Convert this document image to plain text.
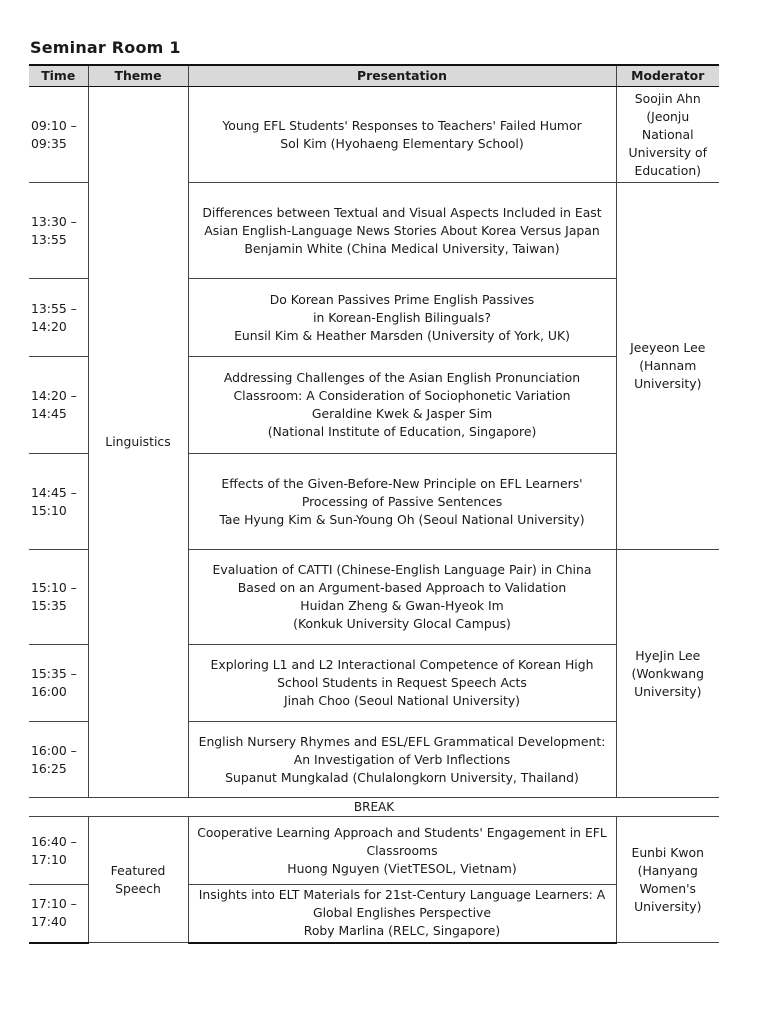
Seminar Room 1
Time	Theme	Presentation	Moderator

09:10 –
09:35	Linguistics	Young EFL Students' Responses to Teachers' Failed Humor
Sol Kim (Hyohaeng Elementary School)	Soojin Ahn
(Jeonju
National
University of
Education)

13:30 –
13:55		Differences between Textual and Visual Aspects Included in East
Asian English-Language News Stories About Korea Versus Japan
Benjamin White (China Medical University, Taiwan)	Jeeyeon Lee
(Hannam
University)

13:55 –
14:20		Do Korean Passives Prime English Passives
in Korean-English Bilinguals?
Eunsil Kim & Heather Marsden (University of York, UK)	

14:20 –
14:45		Addressing Challenges of the Asian English Pronunciation
Classroom: A Consideration of Sociophonetic Variation
Geraldine Kwek & Jasper Sim
(National Institute of Education, Singapore)	

14:45 –
15:10		Effects of the Given-Before-New Principle on EFL Learners'
Processing of Passive Sentences
Tae Hyung Kim & Sun-Young Oh (Seoul National University)	

15:10 –
15:35		Evaluation of CATTI (Chinese-English Language Pair) in China
Based on an Argument-based Approach to Validation
Huidan Zheng & Gwan-Hyeok Im
(Konkuk University Glocal Campus)	HyeJin Lee
(Wonkwang
University)

15:35 –
16:00		Exploring L1 and L2 Interactional Competence of Korean High
School Students in Request Speech Acts
Jinah Choo (Seoul National University)	

16:00 –
16:25		English Nursery Rhymes and ESL/EFL Grammatical Development:
An Investigation of Verb Inflections
Supanut Mungkalad (Chulalongkorn University, Thailand)	

BREAK			

16:40 –
17:10	Featured
Speech	Cooperative Learning Approach and Students' Engagement in EFL
Classrooms
Huong Nguyen (VietTESOL, Vietnam)	Eunbi Kwon
(Hanyang
Women's
University)

17:10 –
17:40		Insights into ELT Materials for 21st-Century Language Learners: A
Global Englishes Perspective
Roby Marlina (RELC, Singapore)	
